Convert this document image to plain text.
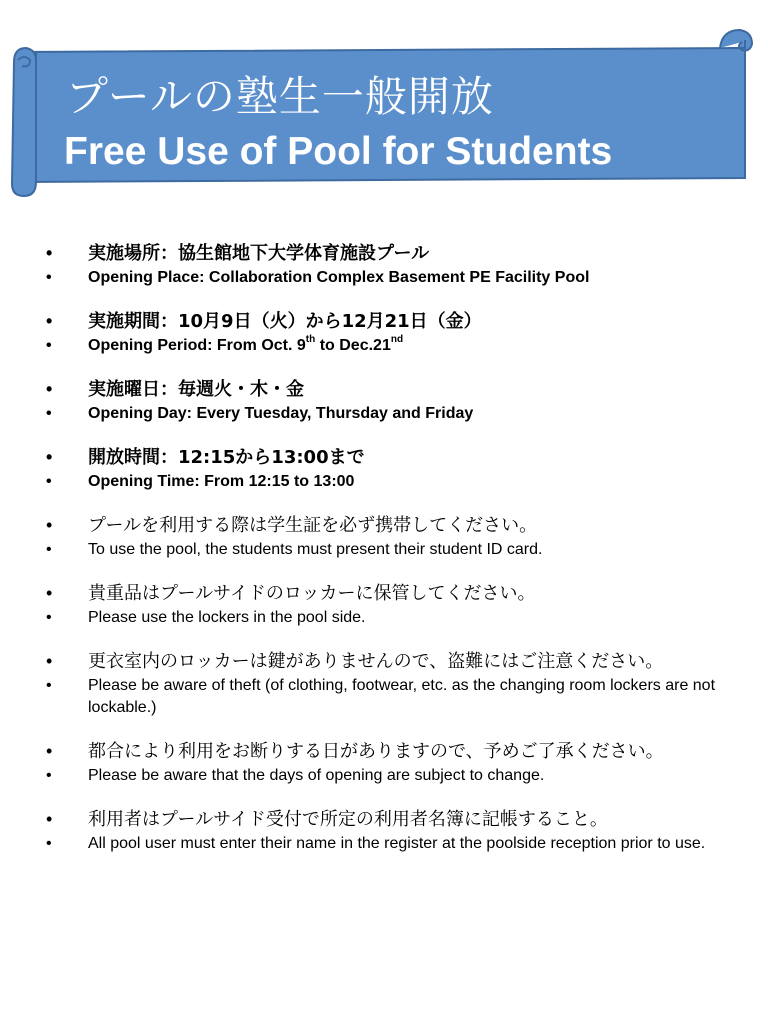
プールの塾生一般開放
Free Use of Pool for Students
•	実施場所：協生館地下大学体育施設プール
•	Opening Place: Collaboration Complex Basement PE Facility Pool
•	実施期間：10月9日（火）から12月21日（金）
•	Opening Period: From Oct. 9th to Dec.21nd
•	実施曜日：毎週火・木・金
•	Opening Day: Every Tuesday, Thursday and Friday
•	開放時間：12:15から13:00まで
•	Opening Time: From 12:15 to 13:00
•	プールを利用する際は学生証を必ず携帯してください。
•	To use the pool, the students must present their student ID card.
•	貴重品はプールサイドのロッカーに保管してください。
•	Please use the lockers in the pool side.
•	更衣室内のロッカーは鍵がありませんので、盗難にはご注意ください。
•	Please be aware of theft (of clothing, footwear, etc. as the changing room lockers are not lockable.)
•	都合により利用をお断りする日がありますので、予めご了承ください。
•	Please be aware that the days of opening are subject to change.
•	利用者はプールサイド受付で所定の利用者名簿に記帳すること。
•	All pool user must enter their name in the register at the poolside reception prior to use.
